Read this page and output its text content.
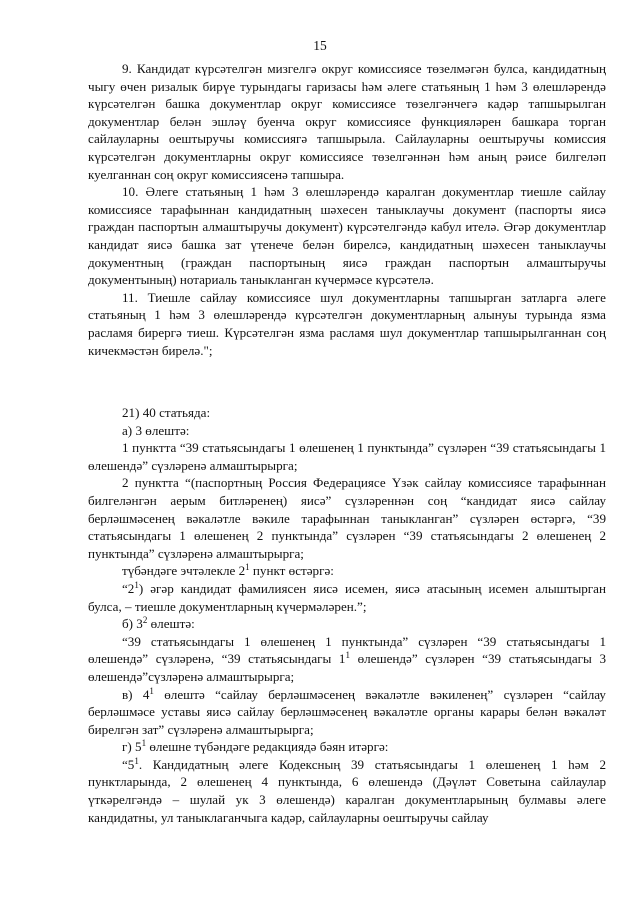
15

9. Кандидат күрсәтелгән мизгелгә округ комиссиясе төзелмәгән булса, кандидатның чыгу өчен ризалык бирүе турындагы гаризасы һәм әлеге статьяның 1 һәм 3 өлешләрендә күрсәтелгән башка документлар округ комиссиясе төзелгәнчегә кадәр тапшырылган документлар белән эшләү буенча округ комиссиясе функцияләрен башкара торган сайлауларны оештыручы комиссиягә тапшырыла. Сайлауларны оештыручы комиссия күрсәтелгән документларны округ комиссиясе төзелгәннән һәм аның рәисе билгеләп куелганнан соң округ комиссиясенә тапшыра.

10. Әлеге статьяның 1 һәм 3 өлешләрендә каралган документлар тиешле сайлау комиссиясе тарафыннан кандидатның шәхесен таныклаучы документ (паспорты яисә граждан паспортын алмаштыручы документ) күрсәтелгәндә кабул ителә. Әгәр документлар кандидат яисә башка зат үтенече белән бирелсә, кандидатның шәхесен таныклаучы документның (граждан паспортының яисә граждан паспортын алмаштыручы документының) нотариаль таныкланган күчермәсе күрсәтелә.

11. Тиешле сайлау комиссиясе шул документларны тапшырган затларга әлеге статьяның 1 һәм 3 өлешләрендә күрсәтелгән документларның алынуы турында язма расламя бирергә тиеш. Күрсәтелгән язма расламя шул документлар тапшырылганнан соң кичекмәстән бирелә.";

21) 40 статьяда:

а) 3 өлештә:

1 пунктта “39 статьясындагы 1 өлешенең 1 пунктында” сүзләрен “39 статьясындагы 1 өлешендә” сүзләренә алмаштырырга;

2 пунктта “(паспортның Россия Федерациясе Үзәк сайлау комиссиясе тарафыннан билгеләнгән аерым битләренең) яисә” сүзләреннән соң “кандидат яисә сайлау берләшмәсенең вәкаләтле вәкиле тарафыннан таныкланган” сүзләрен өстәргә, “39 статьясындагы 1 өлешенең 2 пунктында” сүзләрен “39 статьясындагы 2 өлешенең 2 пунктында” сүзләренә алмаштырырга;

түбәндәге эчтәлекле $2^1$ пункт өстәргә:

“$2^1$) әгәр кандидат фамилиясен яисә исемен, яисә атасының исемен алыштырган булса, – тиешле документларның күчермәләрен.”;

б) $3^2$ өлештә:

“39 статьясындагы 1 өлешенең 1 пунктында” сүзләрен “39 статьясындагы 1 өлешендә” сүзләренә, “39 статьясындагы $1^1$ өлешендә” сүзләрен “39 статьясындагы 3 өлешендә”сүзләренә алмаштырырга;

в) $4^1$ өлештә “сайлау берләшмәсенең вәкаләтле вәкиленең” сүзләрен “сайлау берләшмәсе уставы яисә сайлау берләшмәсенең вәкаләтле органы карары белән вәкаләт бирелгән зат” сүзләренә алмаштырырга;

г) $5^1$ өлешне түбәндәге редакциядә бәян итәргә:

“$5^1$. Кандидатның әлеге Кодексның 39 статьясындагы 1 өлешенең 1 һәм 2 пунктларында, 2 өлешенең 4 пунктында, 6 өлешендә (Дәүләт Советына сайлаулар үткәрелгәндә – шулай ук 3 өлешендә) каралган документларының булмавы әлеге кандидатны, ул таныклаганчыга кадәр, сайлауларны оештыручы сайлау
